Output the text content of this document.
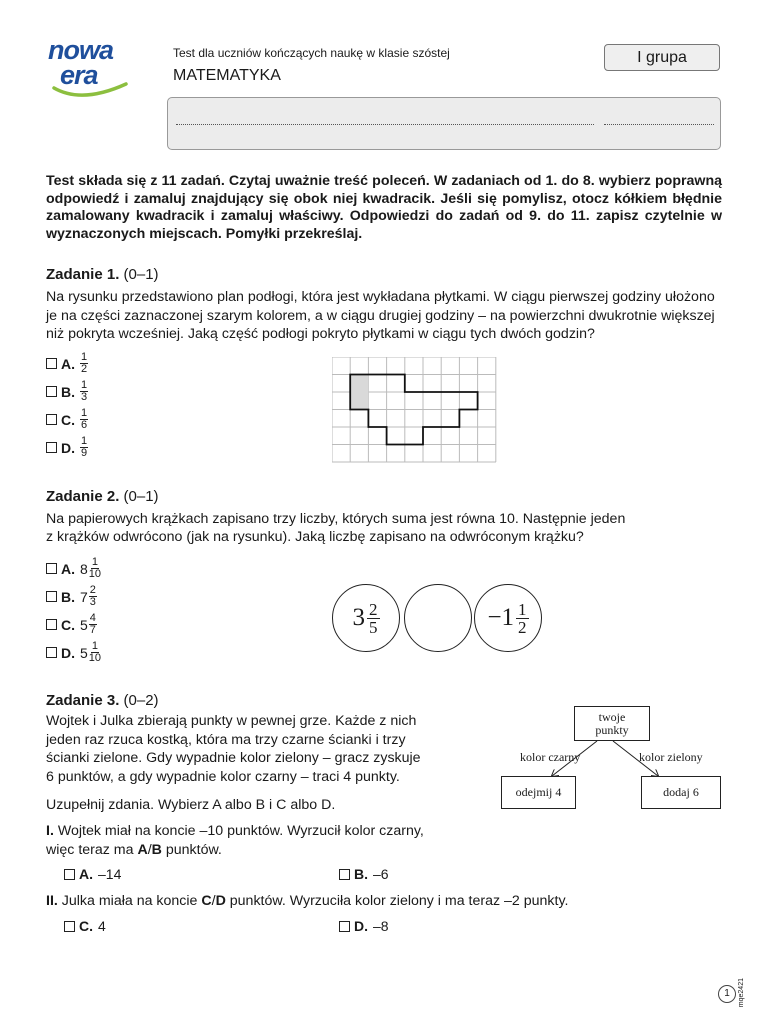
nowa
era
Test dla uczniów kończących naukę w klasie szóstej
MATEMATYKA
I grupa
Test składa się z 11 zadań. Czytaj uważnie treść poleceń. W zadaniach od 1. do 8. wybierz poprawną odpowiedź i zamaluj znajdujący się obok niej kwadracik. Jeśli się pomylisz, otocz kółkiem błędnie zamalowany kwadracik i zamaluj właściwy. Odpowiedzi do zadań od 9. do 11. zapisz czytelnie w wyznaczonych miejscach. Pomyłki przekreślaj.
Zadanie 1. (0–1)
Na rysunku przedstawiono plan podłogi, która jest wykładana płytkami. W ciągu pierwszej godziny ułożono je na części zaznaczonej szarym kolorem, a w ciągu drugiej godziny – na powierzchni dwukrotnie większej niż pokryta wcześniej. Jaką część podłogi pokryto płytkami w ciągu tych dwóch godzin?
A. $\frac{1}{2}$
B. $\frac{1}{3}$
C. $\frac{1}{6}$
D. $\frac{1}{9}$
Zadanie 2. (0–1)
Na papierowych krążkach zapisano trzy liczby, których suma jest równa 10. Następnie jeden
z krążków odwrócono (jak na rysunku). Jaką liczbę zapisano na odwróconym krążku?
A. $8 \frac{1}{10}$
B. $7 \frac{2}{3}$
C. $5 \frac{4}{7}$
D. $5 \frac{1}{10}$
3 2
5	−1 1
2
Zadanie 3. (0–2)
Wojtek i Julka zbierają punkty w pewnej grze. Każde z nich
jeden raz rzuca kostką, która ma trzy czarne ścianki i trzy
ścianki zielone. Gdy wypadnie kolor zielony – gracz zyskuje
6 punktów, a gdy wypadnie kolor czarny – traci 4 punkty.
Uzupełnij zdania. Wybierz A albo B i C albo D.
I. Wojtek miał na koncie –10 punktów. Wyrzucił kolor czarny,
więc teraz ma A/B punktów.
A. –14	B. –6
II. Julka miała na koncie C/D punktów. Wyrzuciła kolor zielony i ma teraz –2 punkty.
C. 4	D. –8
twoje
punkty
kolor czarny	kolor zielony
odejmij 4	dodaj 6
1	mqe2421
